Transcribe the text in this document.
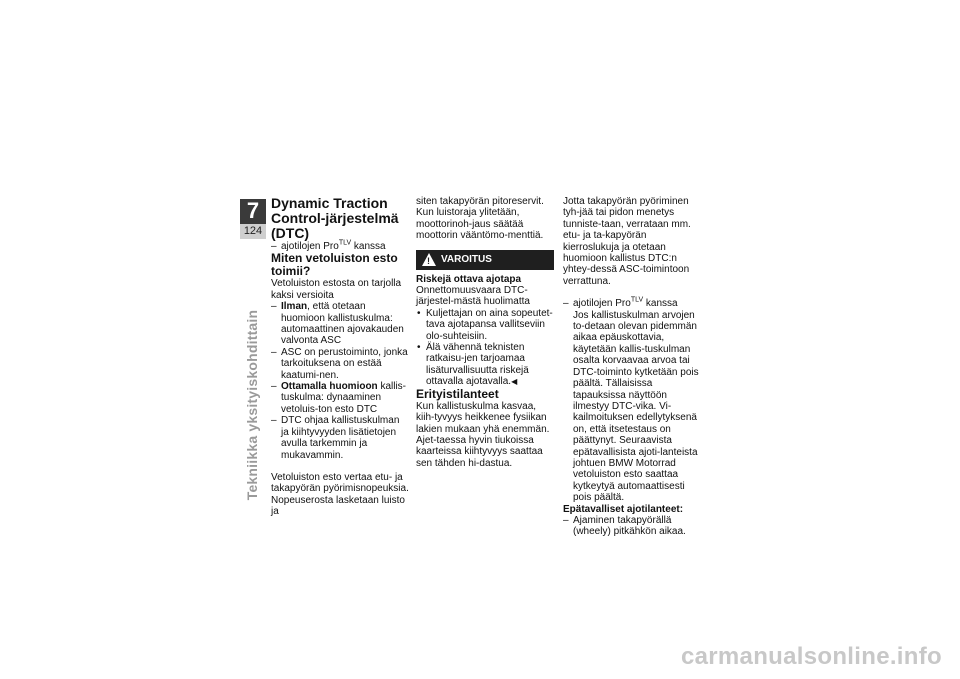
7
124
Tekniikka yksityiskohdittain

Dynamic Traction Control-järjestelmä (DTC)

– ajotilojen Pro$^{TLV}$ kanssa

Miten vetoluiston esto toimii?

Vetoluiston estosta on tarjolla kaksi versioita

– Ilman, että otetaan huomioon kallistuskulma: automaattinen ajovakauden valvonta ASC

– ASC on perustoiminto, jonka tarkoituksena on estää kaatumi-nen.

– Ottamalla huomioon kallis-tuskulma: dynaaminen vetoluis-ton esto DTC

– DTC ohjaa kallistuskulman ja kiihtyvyyden lisätietojen avulla tarkemmin ja mukavammin.

Vetoluiston esto vertaa etu- ja takapyörän pyörimisnopeuksia. Nopeuserosta lasketaan luisto ja

siten takapyörän pitoreservit. Kun luistoraja ylitetään, moottorinoh-jaus säätää moottorin vääntömo-menttiä.

! VAROITUS

Riskejä ottava ajotapa

Onnettomuusvaara DTC-järjestel-mästä huolimatta

• Kuljettajan on aina sopeutet-tava ajotapansa vallitseviin olo-suhteisiin.

• Älä vähennä teknisten ratkaisu-jen tarjoamaa lisäturvallisuutta riskejä ottavalla ajotavalla.◀

Erityistilanteet

Kun kallistuskulma kasvaa, kiih-tyvyys heikkenee fysiikan lakien mukaan yhä enemmän. Ajet-taessa hyvin tiukoissa kaarteissa kiihtyvyys saattaa sen tähden hi-dastua.

Jotta takapyörän pyöriminen tyh-jää tai pidon menetys tunniste-taan, verrataan mm. etu- ja ta-kapyörän kierroslukuja ja otetaan huomioon kallistus DTC:n yhtey-dessä ASC-toimintoon verrattuna.

– ajotilojen Pro$^{TLV}$ kanssa

Jos kallistuskulman arvojen to-detaan olevan pidemmän aikaa epäuskottavia, käytetään kallis-tuskulman osalta korvaavaa arvoa tai DTC-toiminto kytketään pois päältä. Tällaisissa tapauksissa näyttöön ilmestyy DTC-vika. Vi-kailmoituksen edellytyksenä on, että itsetestaus on päättynyt. Seuraavista epätavallisista ajoti-lanteista johtuen BMW Motorrad vetoluiston esto saattaa kytkeytyä automaattisesti pois päältä.

Epätavalliset ajotilanteet:

– Ajaminen takapyörällä (wheely) pitkähkön aikaa.

carmanualsonline.info
